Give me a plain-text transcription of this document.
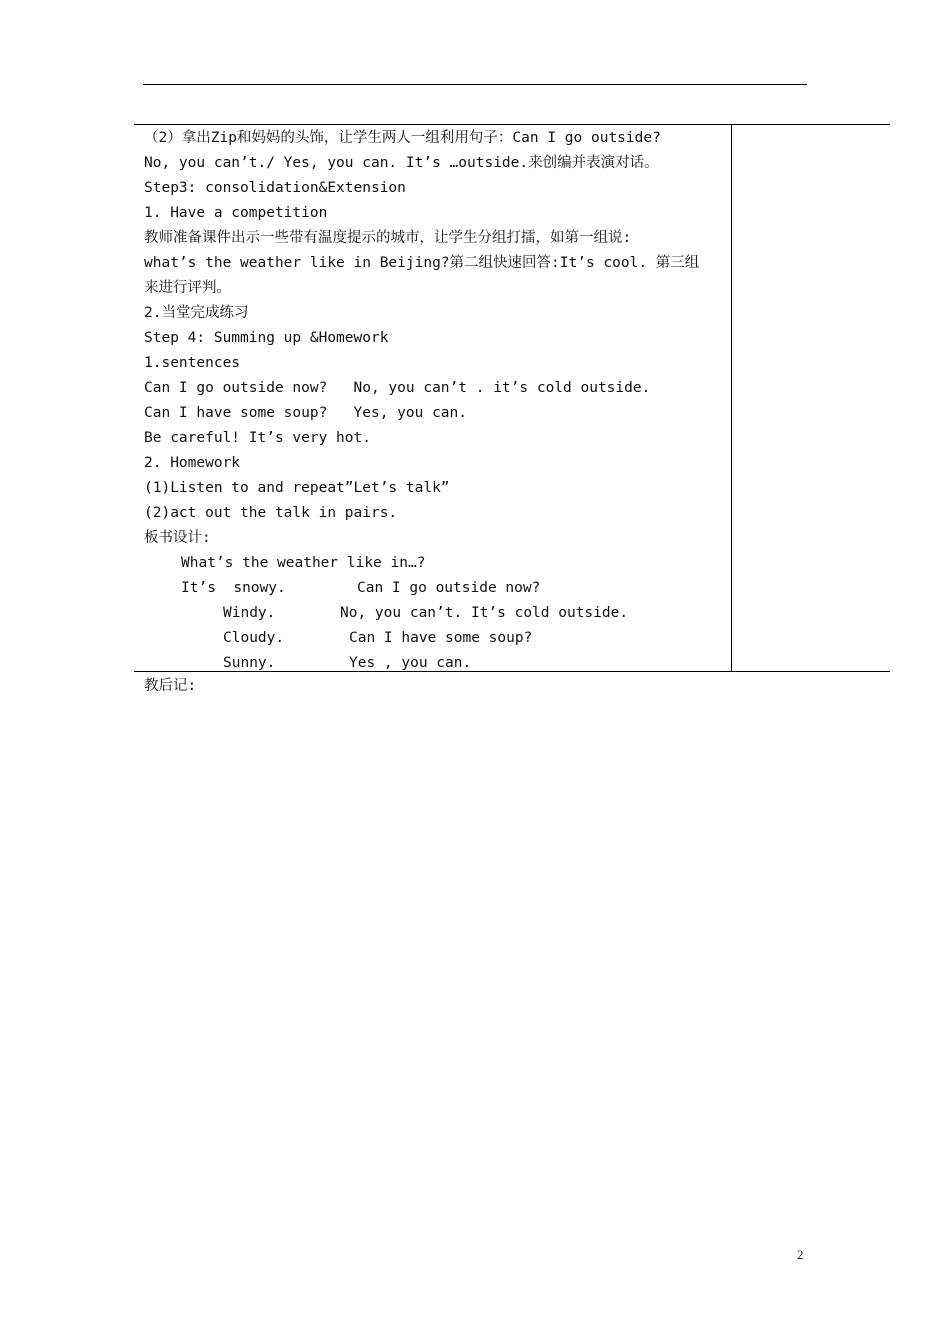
（2）拿出Zip和妈妈的头饰，让学生两人一组利用句子：Can I go outside?
No, you can’t./ Yes, you can. It’s …outside.来创编并表演对话。
Step3: consolidation&Extension
1. Have a competition
教师准备课件出示一些带有温度提示的城市，让学生分组打擂，如第一组说:
what’s the weather like in Beijing?第二组快速回答:It’s cool. 第三组
来进行评判。
2.当堂完成练习
Step 4: Summing up &Homework
1.sentences
Can I go outside now?   No, you can’t . it’s cold outside.
Can I have some soup?   Yes, you can.
Be careful! It’s very hot.
2. Homework
(1)Listen to and repeat”Let’s talk”
(2)act out the talk in pairs.
板书设计:
What’s the weather like in…?
It’s  snowy.	Can I go outside now?
Windy.	No, you can’t. It’s cold outside.
Cloudy.	Can I have some soup?
Sunny.	Yes , you can.
教后记:
2
